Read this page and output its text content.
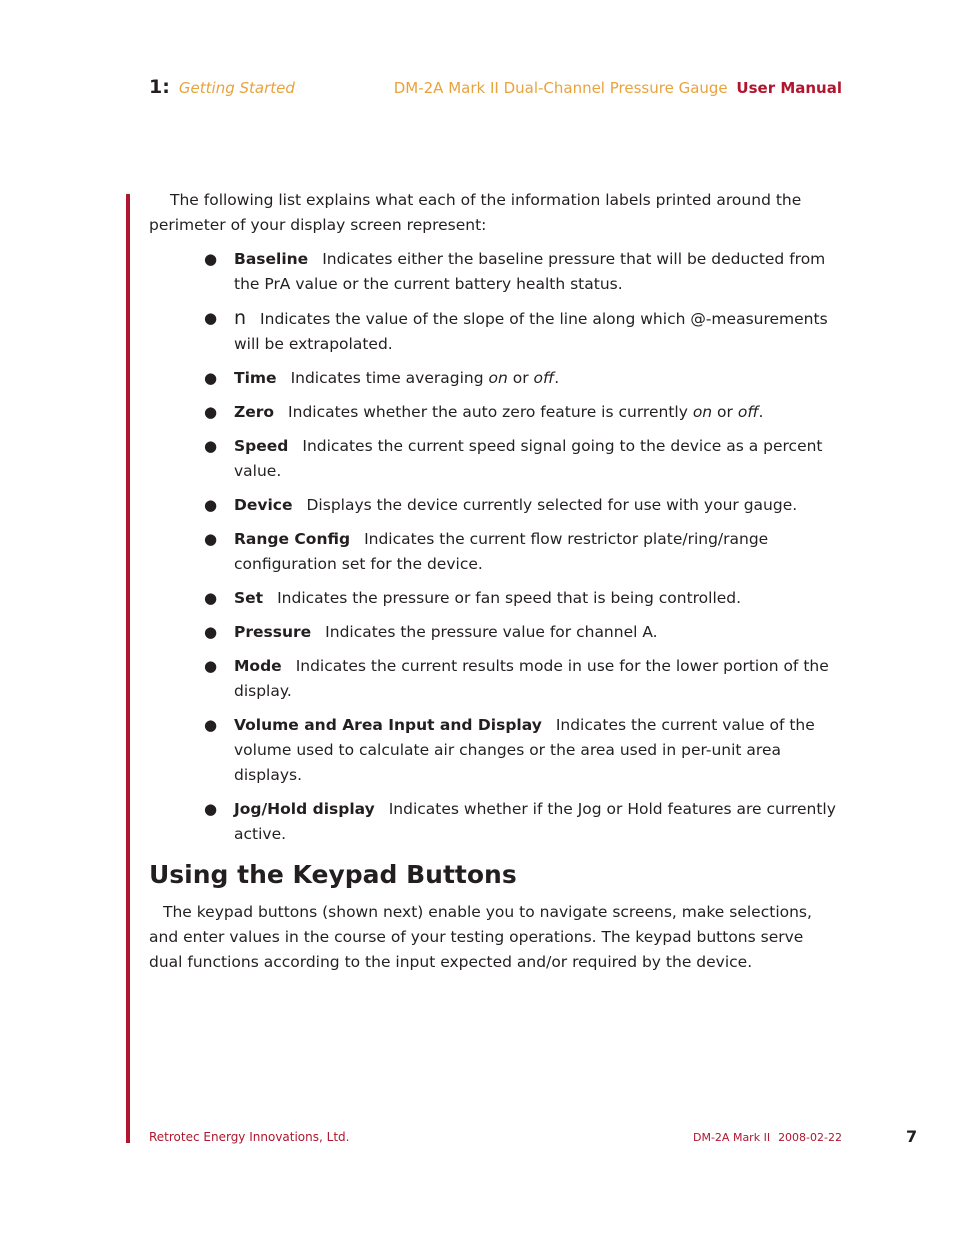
1: Getting Started	DM-2A Mark II Dual-Channel Pressure Gauge User Manual

The following list explains what each of the information labels printed around the perimeter of your display screen represent:

● Baseline Indicates either the baseline pressure that will be deducted from the PrA value or the current battery health status.
● n Indicates the value of the slope of the line along which @-measurements will be extrapolated.
● Time Indicates time averaging on or off.
● Zero Indicates whether the auto zero feature is currently on or off.
● Speed Indicates the current speed signal going to the device as a percent value.
● Device Displays the device currently selected for use with your gauge.
● Range Config Indicates the current flow restrictor plate/ring/range configuration set for the device.
● Set Indicates the pressure or fan speed that is being controlled.
● Pressure Indicates the pressure value for channel A.
● Mode Indicates the current results mode in use for the lower portion of the display.
● Volume and Area Input and Display Indicates the current value of the volume used to calculate air changes or the area used in per-unit area displays.
● Jog/Hold display Indicates whether if the Jog or Hold features are currently active.
Using the Keypad Buttons

The keypad buttons (shown next) enable you to navigate screens, make selections, and enter values in the course of your testing operations. The keypad buttons serve dual functions according to the input expected and/or required by the device.

Retrotec Energy Innovations, Ltd.	DM-2A Mark II 2008-02-22	7
